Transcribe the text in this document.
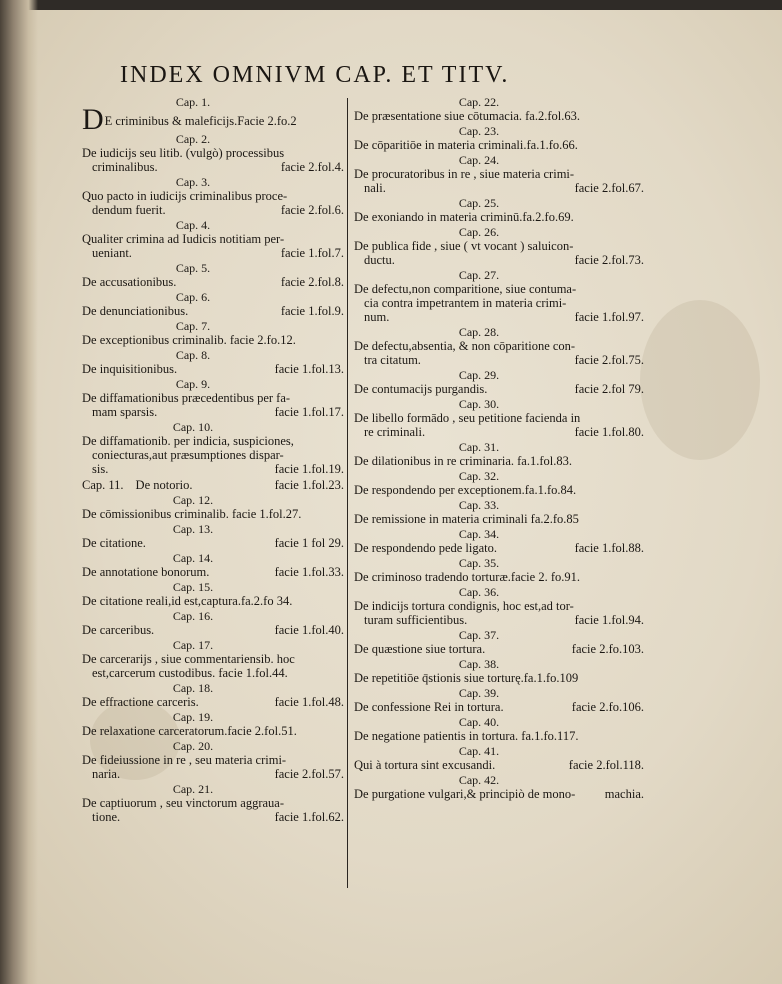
INDEX OMNIVM CAP. ET TITV.
Cap. 1.
DE criminibus & maleficijs.Facie 2.fo.2
Cap. 2.
De iudicijs seu litib. (vulgò) processibus
criminalibus.	facie 2.fol.4.
Cap. 3.
Quo pacto in iudicijs criminalibus proce-
dendum fuerit.	facie 2.fol.6.
Cap. 4.
Qualiter crimina ad Iudicis notitiam per-
ueniant.	facie 1.fol.7.
Cap. 5.
De accusationibus.	facie 2.fol.8.
Cap. 6.
De denunciationibus.	facie 1.fol.9.
Cap. 7.
De exceptionibus criminalib. facie 2.fo.12.
Cap. 8.
De inquisitionibus.	facie 1.fol.13.
Cap. 9.
De diffamationibus præcedentibus per fa-
mam sparsis.	facie 1.fol.17.
Cap. 10.
De diffamationib. per indicia, suspiciones,
coniecturas,aut præsumptiones dispar-
sis.	facie 1.fol.19.
Cap. 11. De notorio.	facie 1.fol.23.
Cap. 12.
De cōmissionibus criminalib. facie 1.fol.27.
Cap. 13.
De citatione.	facie 1 fol 29.
Cap. 14.
De annotatione bonorum.	facie 1.fol.33.
Cap. 15.
De citatione reali,id est,captura.fa.2.fo 34.
Cap. 16.
De carceribus.	facie 1.fol.40.
Cap. 17.
De carcerarijs , siue commentariensib. hoc
est,carcerum custodibus. facie 1.fol.44.
Cap. 18.
De effractione carceris.	facie 1.fol.48.
Cap. 19.
De relaxatione carceratorum.facie 2.fol.51.
Cap. 20.
De fideiussione in re , seu materia crimi-
naria.	facie 2.fol.57.
Cap. 21.
De captiuorum , seu vinctorum aggraua-
tione.	facie 1.fol.62.
Cap. 22.
De præsentatione siue cōtumacia. fa.2.fol.63.
Cap. 23.
De cōparitiōe in materia criminali.fa.1.fo.66.
Cap. 24.
De procuratoribus in re , siue materia crimi-
nali.	facie 2.fol.67.
Cap. 25.
De exoniando in materia criminū.fa.2.fo.69.
Cap. 26.
De publica fide , siue ( vt vocant ) saluicon-
ductu.	facie 2.fol.73.
Cap. 27.
De defectu,non comparitione, siue contuma-
cia contra impetrantem in materia crimi-
num.	facie 1.fol.97.
Cap. 28.
De defectu,absentia, & non cōparitione con-
tra citatum.	facie 2.fol.75.
Cap. 29.
De contumacijs purgandis.	facie 2.fol 79.
Cap. 30.
De libello formādo , seu petitione facienda in
re criminali.	facie 1.fol.80.
Cap. 31.
De dilationibus in re criminaria. fa.1.fol.83.
Cap. 32.
De respondendo per exceptionem.fa.1.fo.84.
Cap. 33.
De remissione in materia criminali fa.2.fo.85
Cap. 34.
De respondendo pede ligato.	facie 1.fol.88.
Cap. 35.
De criminoso tradendo torturæ.facie 2. fo.91.
Cap. 36.
De indicijs tortura condignis, hoc est,ad tor-
turam sufficientibus.	facie 1.fol.94.
Cap. 37.
De quæstione siue tortura.	facie 2.fo.103.
Cap. 38.
De repetitiōe q̄stionis siue torturę.fa.1.fo.109
Cap. 39.
De confessione Rei in tortura.	facie 2.fo.106.
Cap. 40.
De negatione patientis in tortura. fa.1.fo.117.
Cap. 41.
Qui à tortura sint excusandi.	facie 2.fol.118.
Cap. 42.
De purgatione vulgari,& principiò de mono- machia.
